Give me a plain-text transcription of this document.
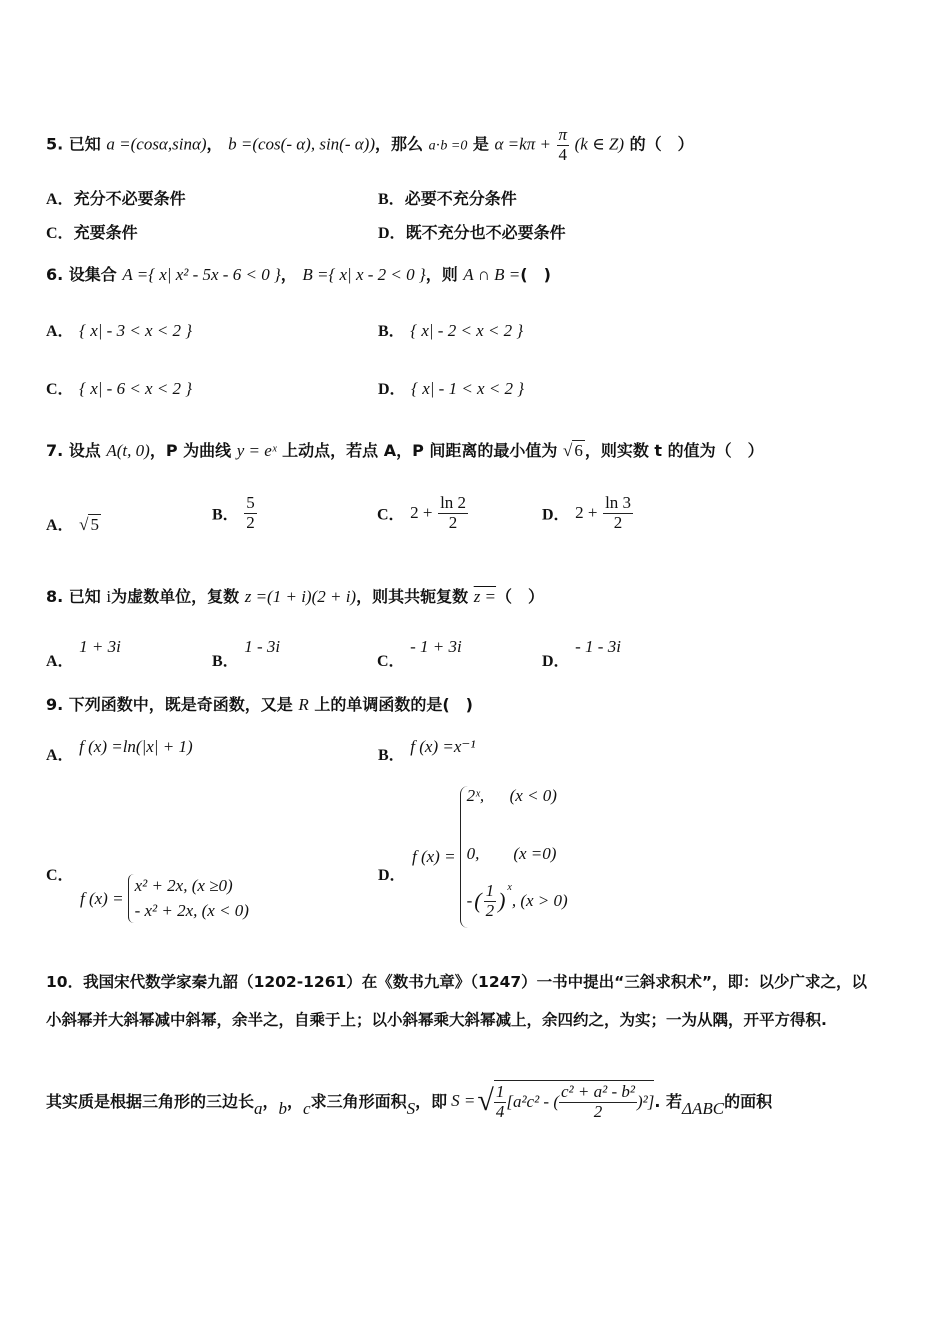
5. 已知 a =(cosα,sinα)， b =(cos(- α), sin(- α))，那么 a⋅b =0 是 $\alpha =k\pi + \frac{\pi}{4} (k$ ∈ Z) 的（　）
A．充分不必要条件	B．必要不充分条件
C．充要条件	D．既不充分也不必要条件
6. 设集合 A ={ x| x² - 5x - 6 < 0 }， B ={ x| x - 2 < 0 }，则 A ∩ B =(　)
A． { x| - 3 < x < 2 }	B． { x| - 2 < x < 2 }
C． { x| - 6 < x < 2 }	D． { x| - 1 < x < 2 }
7. 设点 A(t, 0)，P 为曲线 y = eˣ 上动点，若点 A，P 间距离的最小值为 √ 6 ，则实数 t 的值为（　）
A． √ 5	B． $\frac{5}{2}$	C． $2 + \frac{\ln 2}{2}$	D． $2 + \frac{\ln 3}{2}$
8. 已知 i为虚数单位，复数 z =(1 + i)(2 + i)，则其共轭复数 z =（　）
A． 1 + 3i
B． 1 - 3i
C． - 1 + 3i
D． - 1 - 3i
9. 下列函数中，既是奇函数，又是 R 上的单调函数的是(　)
A． f (x) =ln(|x| + 1)	B． f (x) =x⁻¹
C．
f (x) =
x² + 2x, (x ≥0)
- x² + 2x, (x < 0)
D．
f (x) =
2ˣ,      (x < 0)
0,        (x =0)
- ( $\frac{1}{2}$ )
$^x$
, (x > 0)
10．我国宋代数学家秦九韶（1202-1261）在《数书九章》（1247）一书中提出“三斜求积术”，即：以少广求之，以
小斜幂并大斜幂减中斜幂，余半之，自乘于上；以小斜幂乘大斜幂减上，余四约之，为实；一为从隅，开平方得积.
其实质是根据三角形的三边长 a ， b ， c 求三角形面积 S ，即 S = √ $\frac{1}{4} [a^2c^2$ - ( $\frac{\text{c² + a² - b²}}{2} )^2$] . 若 ΔABC 的面积
